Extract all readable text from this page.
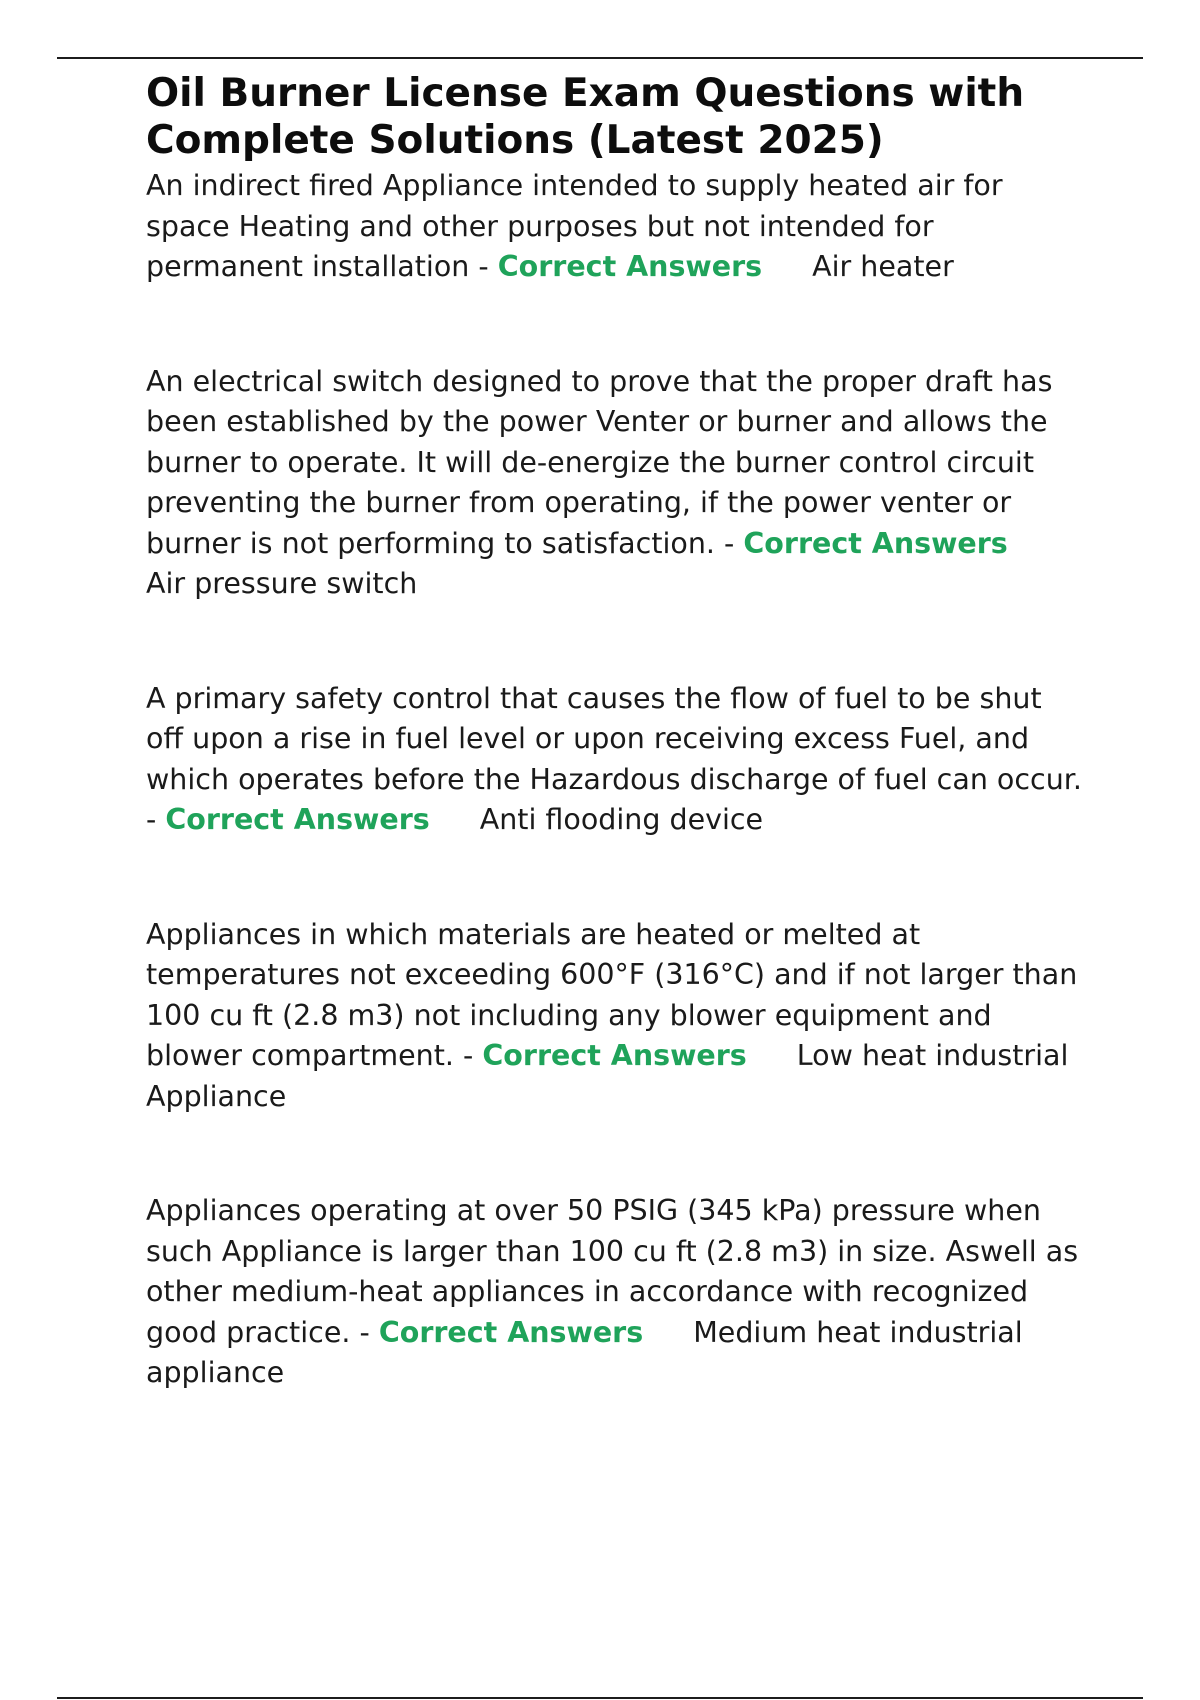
Oil Burner License Exam Questions with Complete Solutions (Latest 2025)

An indirect fired Appliance intended to supply heated air for space Heating and other purposes but not intended for permanent installation - Correct Answers Air heater

An electrical switch designed to prove that the proper draft has been established by the power Venter or burner and allows the burner to operate. It will de-energize the burner control circuit preventing the burner from operating, if the power venter or burner is not performing to satisfaction. - Correct AnswersAir pressure switch

A primary safety control that causes the flow of fuel to be shut off upon a rise in fuel level or upon receiving excess Fuel, and which operates before the Hazardous discharge of fuel can occur. - Correct Answers Anti flooding device

Appliances in which materials are heated or melted at temperatures not exceeding 600°F (316°C) and if not larger than 100 cu ft (2.8 m3) not including any blower equipment and blower compartment. - Correct Answers Low heat industrial Appliance

Appliances operating at over 50 PSIG (345 kPa) pressure when such Appliance is larger than 100 cu ft (2.8 m3) in size. Aswell as other medium-heat appliances in accordance with recognized good practice. - Correct Answers Medium heat industrial appliance
